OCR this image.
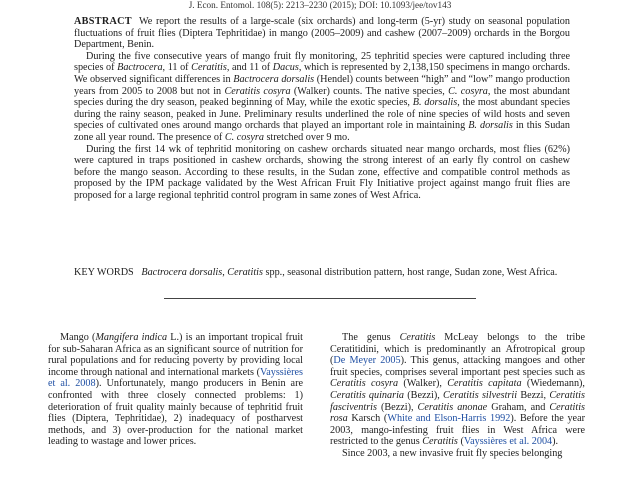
J. Econ. Entomol. 108(5): 2213–2230 (2015); DOI: 10.1093/jee/tov143

ABSTRACT We report the results of a large-scale (six orchards) and long-term (5-yr) study on seasonal population fluctuations of fruit flies (Diptera Tephritidae) in mango (2005–2009) and cashew (2007–2009) orchards in the Borgou Department, Benin.

During the five consecutive years of mango fruit fly monitoring, 25 tephritid species were captured including three species of Bactrocera, 11 of Ceratitis, and 11 of Dacus, which is represented by 2,138,150 specimens in mango orchards. We observed significant differences in Bactrocera dorsalis (Hendel) counts between “high” and “low” mango production years from 2005 to 2008 but not in Ceratitis cosyra (Walker) counts. The native species, C. cosyra, the most abundant species during the dry season, peaked beginning of May, while the exotic species, B. dorsalis, the most abundant species during the rainy season, peaked in June. Preliminary results underlined the role of nine species of wild hosts and seven species of cultivated ones around mango orchards that played an important role in maintaining B. dorsalis in this Sudan zone all year round. The presence of C. cosyra stretched over 9 mo.

During the first 14 wk of tephritid monitoring on cashew orchards situated near mango orchards, most flies (62%) were captured in traps positioned in cashew orchards, showing the strong interest of an early fly control on cashew before the mango season. According to these results, in the Sudan zone, effective and compatible control methods as proposed by the IPM package validated by the West African Fruit Fly Initiative project against mango fruit flies are proposed for a large regional tephritid control program in same zones of West Africa.

KEY WORDS Bactrocera dorsalis, Ceratitis spp., seasonal distribution pattern, host range, Sudan zone, West Africa.

Mango (Mangifera indica L.) is an important tropical fruit for sub-Saharan Africa as an significant source of nutrition for rural populations and for reducing poverty by providing local income through national and international markets (Vayssières et al. 2008). Unfortunately, mango producers in Benin are confronted with three closely connected problems: 1) deterioration of fruit quality mainly because of tephritid fruit flies (Diptera, Tephritidae), 2) inadequacy of postharvest methods, and 3) over-production for the national market leading to wastage and lower prices.

The genus Ceratitis McLeay belongs to the tribe Ceratitidini, which is predominantly an Afrotropical group (De Meyer 2005). This genus, attacking mangoes and other fruit species, comprises several important pest species such as Ceratitis cosyra (Walker), Ceratitis capitata (Wiedemann), Ceratitis quinaria (Bezzi), Ceratitis silvestrii Bezzi, Ceratitis fasciventris (Bezzi), Ceratitis anonae Graham, and Ceratitis rosa Karsch (White and Elson-Harris 1992). Before the year 2003, mango-infesting fruit flies in West Africa were restricted to the genus Ceratitis (Vayssières et al. 2004).

Since 2003, a new invasive fruit fly species belonging
